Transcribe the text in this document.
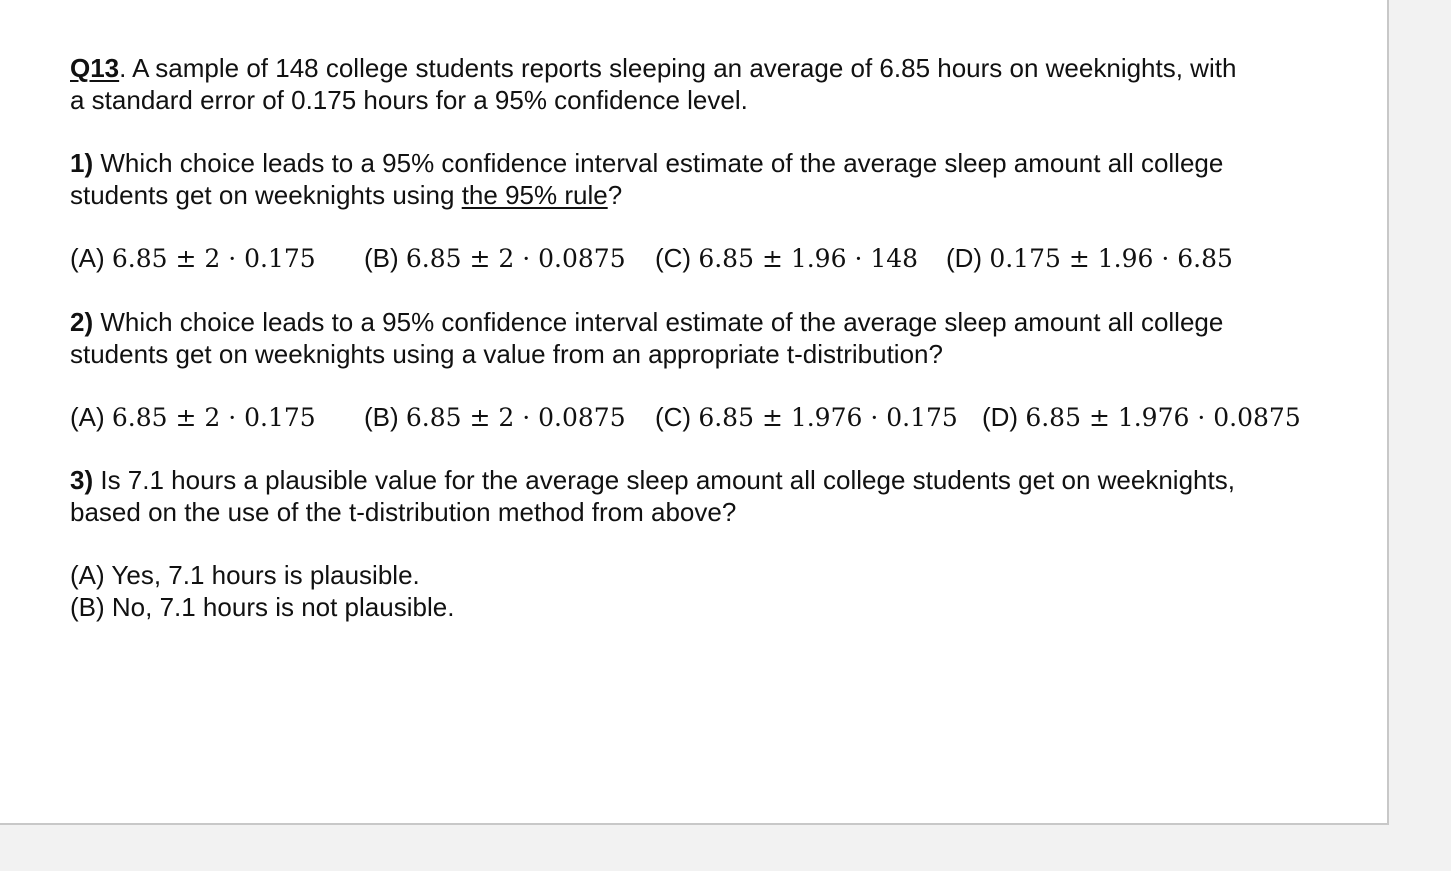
Q13. A sample of 148 college students reports sleeping an average of 6.85 hours on weeknights, with
a standard error of 0.175 hours for a 95% confidence level.
1) Which choice leads to a 95% confidence interval estimate of the average sleep amount all college
students get on weeknights using the 95% rule?
(A) 6.85 ± 2 · 0.175 (B) 6.85 ± 2 · 0.0875 (C) 6.85 ± 1.96 · 148 (D) 0.175 ± 1.96 · 6.85
2) Which choice leads to a 95% confidence interval estimate of the average sleep amount all college
students get on weeknights using a value from an appropriate t-distribution?
(A) 6.85 ± 2 · 0.175 (B) 6.85 ± 2 · 0.0875 (C) 6.85 ± 1.976 · 0.175 (D) 6.85 ± 1.976 · 0.0875
3) Is 7.1 hours a plausible value for the average sleep amount all college students get on weeknights,
based on the use of the t-distribution method from above?
(A) Yes, 7.1 hours is plausible.
(B) No, 7.1 hours is not plausible.
